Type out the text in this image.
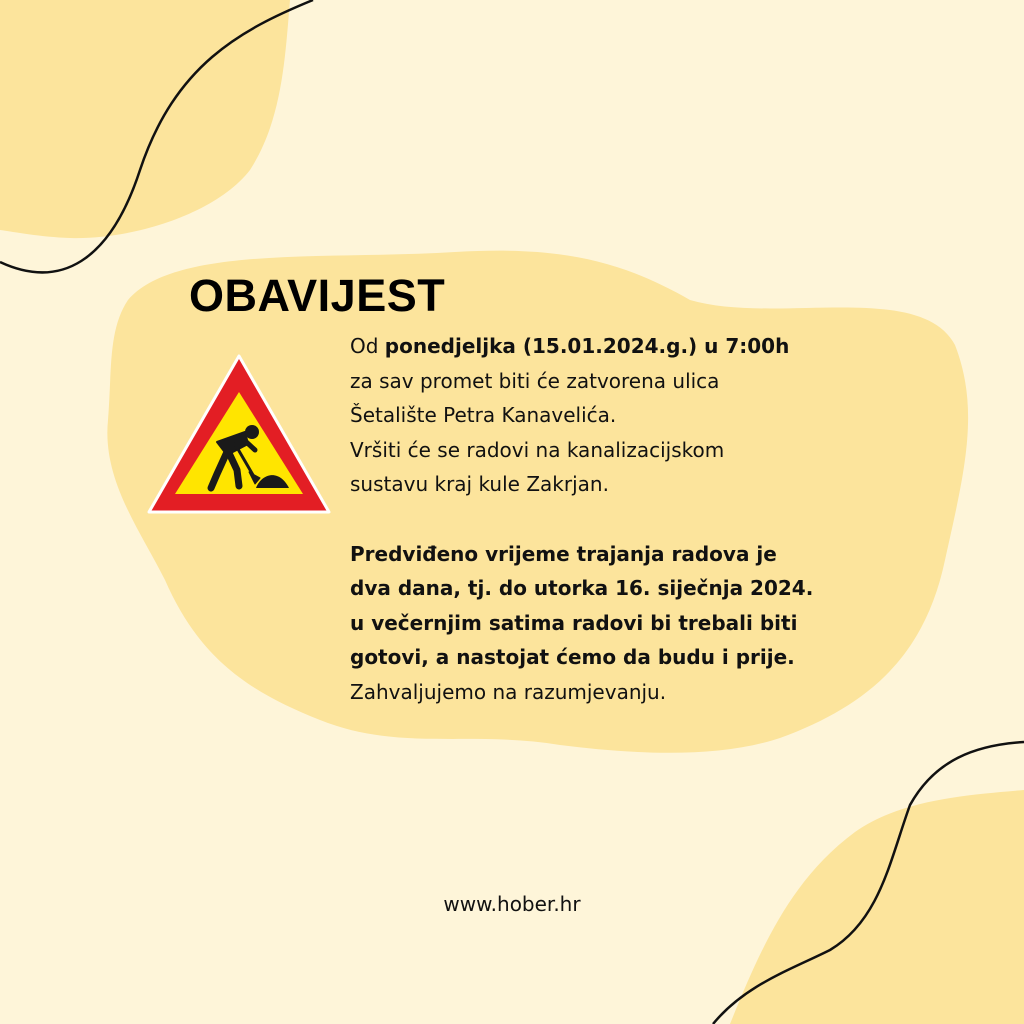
OBAVIJEST

Od ponedjeljka (15.01.2024.g.) u 7:00h

za sav promet biti će zatvorena ulica

Šetalište Petra Kanavelića.

Vršiti će se radovi na kanalizacijskom

sustavu kraj kule Zakrjan.

Predviđeno vrijeme trajanja radova je

dva dana, tj. do utorka 16. siječnja 2024.

u večernjim satima radovi bi trebali biti

gotovi, a nastojat ćemo da budu i prije.

Zahvaljujemo na razumjevanju.

www.hober.hr
